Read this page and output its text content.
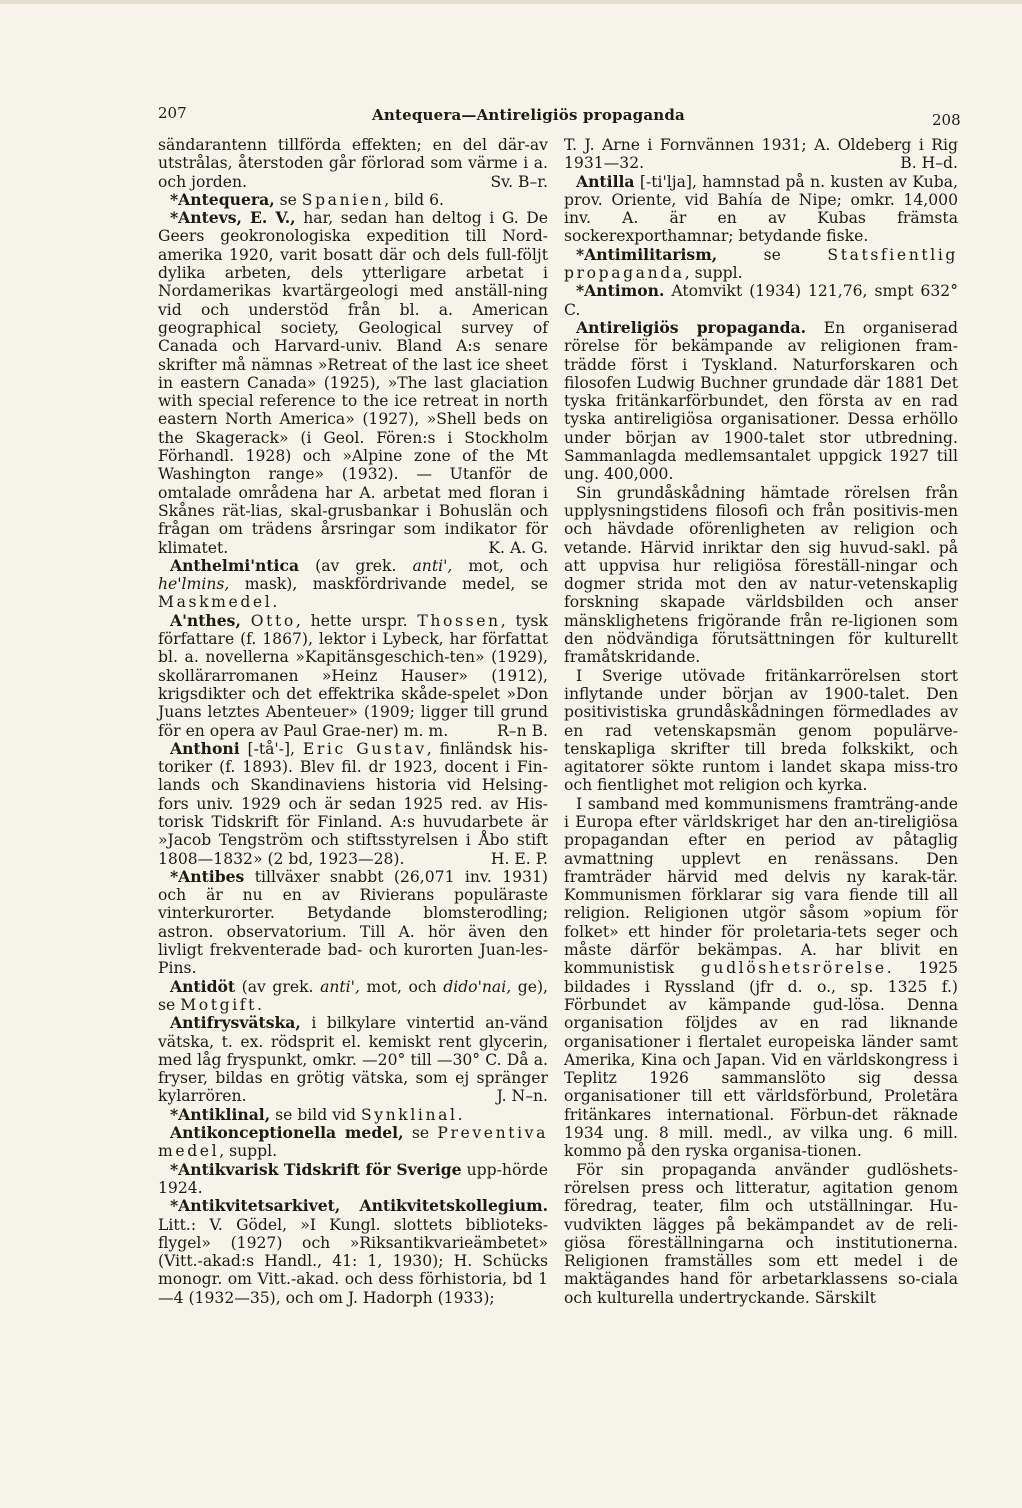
207	Antequera—Antireligiös propaganda	208

sändarantenn tillförda effekten; en del där-av utstrålas, återstoden går förlorad som värme i a. och jorden.	Sv. B–r.

*Antequera, se Spanien, bild 6.

*Antevs, E. V., har, sedan han deltog i G. De Geers geokronologiska expedition till Nord-amerika 1920, varit bosatt där och dels full-följt dylika arbeten, dels ytterligare arbetat i Nordamerikas kvartärgeologi med anställ-ning vid och understöd från bl. a. American geographical society, Geological survey of Canada och Harvard-univ. Bland A:s senare skrifter må nämnas »Retreat of the last ice sheet in eastern Canada» (1925), »The last glaciation with special reference to the ice retreat in north eastern North America» (1927), »Shell beds on the Skagerack» (i Geol. Fören:s i Stockholm Förhandl. 1928) och »Alpine zone of the Mt Washington range» (1932). — Utanför de omtalade områdena har A. arbetat med floran i Skånes rät-lias, skal-grusbankar i Bohuslän och frågan om trädens årsringar som indikator för klimatet.	K. A. G.

Anthelmi'ntica (av grek. anti', mot, och he'lmins, mask), maskfördrivande medel, se Maskmedel.

A'nthes, Otto, hette urspr. Thossen, tysk författare (f. 1867), lektor i Lybeck, har författat bl. a. novellerna »Kapitänsgeschich-ten» (1929), skollärarromanen »Heinz Hauser» (1912), krigsdikter och det effektrika skåde-spelet »Don Juans letztes Abenteuer» (1909; ligger till grund för en opera av Paul Grae-ner) m. m.	R–n B.

Anthoni [-tå'-], Eric Gustav, finländsk his-toriker (f. 1893). Blev fil. dr 1923, docent i Fin-lands och Skandinaviens historia vid Helsing-fors univ. 1929 och är sedan 1925 red. av His-torisk Tidskrift för Finland. A:s huvudarbete är »Jacob Tengström och stiftsstyrelsen i Åbo stift 1808—1832» (2 bd, 1923—28).	H. E. P.

*Antibes tillväxer snabbt (26,071 inv. 1931) och är nu en av Rivierans populäraste vinterkurorter. Betydande blomsterodling; astron. observatorium. Till A. hör även den livligt frekventerade bad- och kurorten Juan-les-Pins.

Antidöt (av grek. anti', mot, och dido'nai, ge), se Motgift.

Antifrysvätska, i bilkylare vintertid an-vänd vätska, t. ex. rödsprit el. kemiskt rent glycerin, med låg fryspunkt, omkr. —20° till —30° C. Då a. fryser, bildas en grötig vätska, som ej spränger kylarrören.	J. N–n.

*Antiklinal, se bild vid Synklinal.

Antikonceptionella medel, se Preventiva medel, suppl.

*Antikvarisk Tidskrift för Sverige upp-hörde 1924.

*Antikvitetsarkivet, Antikvitetskollegium. Litt.: V. Gödel, »I Kungl. slottets biblioteks-flygel» (1927) och »Riksantikvarieämbetet» (Vitt.-akad:s Handl., 41: 1, 1930); H. Schücks monogr. om Vitt.-akad. och dess förhistoria, bd 1—4 (1932—35), och om J. Hadorph (1933);

T. J. Arne i Fornvännen 1931; A. Oldeberg i Rig 1931—32.	B. H–d.

Antilla [-ti'lja], hamnstad på n. kusten av Kuba, prov. Oriente, vid Bahía de Nipe; omkr. 14,000 inv. A. är en av Kubas främsta sockerexporthamnar; betydande fiske.

*Antimilitarism, se Statsfientlig propaganda, suppl.

*Antimon. Atomvikt (1934) 121,76, smpt 632° C.

Antireligiös propaganda. En organiserad rörelse för bekämpande av religionen fram-trädde först i Tyskland. Naturforskaren och filosofen Ludwig Buchner grundade där 1881 Det tyska fritänkarförbundet, den första av en rad tyska antireligiösa organisationer. Dessa erhöllo under början av 1900-talet stor utbredning. Sammanlagda medlemsantalet uppgick 1927 till ung. 400,000.

Sin grundåskådning hämtade rörelsen från upplysningstidens filosofi och från positivis-men och hävdade oförenligheten av religion och vetande. Härvid inriktar den sig huvud-sakl. på att uppvisa hur religiösa föreställ-ningar och dogmer strida mot den av natur-vetenskaplig forskning skapade världsbilden och anser mänsklighetens frigörande från re-ligionen som den nödvändiga förutsättningen för kulturellt framåtskridande.

I Sverige utövade fritänkarrörelsen stort inflytande under början av 1900-talet. Den positivistiska grundåskådningen förmedlades av en rad vetenskapsmän genom populärve-tenskapliga skrifter till breda folkskikt, och agitatorer sökte runtom i landet skapa miss-tro och fientlighet mot religion och kyrka.

I samband med kommunismens framträng-ande i Europa efter världskriget har den an-tireligiösa propagandan efter en period av påtaglig avmattning upplevt en renässans. Den framträder härvid med delvis ny karak-tär. Kommunismen förklarar sig vara fiende till all religion. Religionen utgör såsom »opium för folket» ett hinder för proletaria-tets seger och måste därför bekämpas. A. har blivit en kommunistisk gudlöshetsrörelse. 1925 bildades i Ryssland (jfr d. o., sp. 1325 f.) Förbundet av kämpande gud-lösa. Denna organisation följdes av en rad liknande organisationer i flertalet europeiska länder samt Amerika, Kina och Japan. Vid en världskongress i Teplitz 1926 sammanslöto sig dessa organisationer till ett världsförbund, Proletära fritänkares international. Förbun-det räknade 1934 ung. 8 mill. medl., av vilka ung. 6 mill. kommo på den ryska organisa-tionen.

För sin propaganda använder gudlöshets-rörelsen press och litteratur, agitation genom föredrag, teater, film och utställningar. Hu-vudvikten lägges på bekämpandet av de reli-giösa föreställningarna och institutionerna. Religionen framställes som ett medel i de maktägandes hand för arbetarklassens so-ciala och kulturella undertryckande. Särskilt
